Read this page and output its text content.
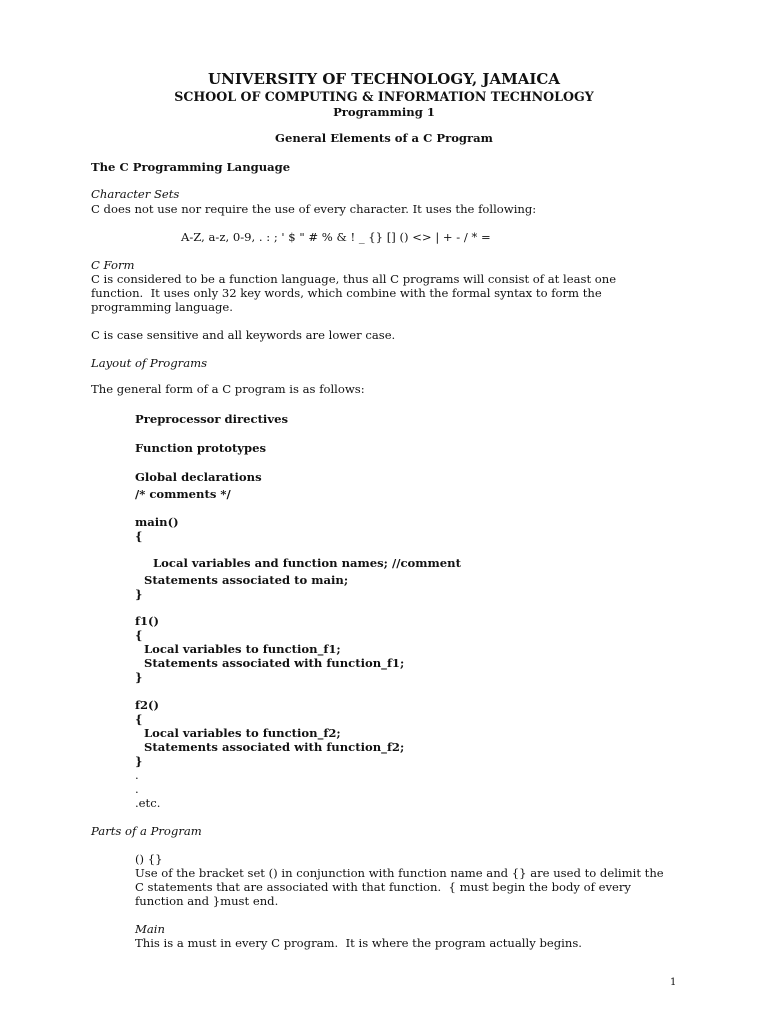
UNIVERSITY OF TECHNOLOGY, JAMAICA
SCHOOL OF COMPUTING & INFORMATION TECHNOLOGY
Programming 1
General Elements of a C Program
The C Programming Language
Character Sets
C does not use nor require the use of every character. It uses the following:
A-Z, a-z, 0-9, . : ; ' $ " # % & ! _ {} [] () <> | + - / * =
C Form
C is considered to be a function language, thus all C programs will consist of at least one
function.  It uses only 32 key words, which combine with the formal syntax to form the
programming language.
C is case sensitive and all keywords are lower case.
Layout of Programs
The general form of a C program is as follows:
Preprocessor directives
Function prototypes
Global declarations
/* comments */
main()
{
Local variables and function names; //comment
Statements associated to main;
}
f1()
{
Local variables to function_f1;
Statements associated with function_f1;
}
f2()
{
Local variables to function_f2;
Statements associated with function_f2;
}
.
.
.etc.
Parts of a Program
() {}
Use of the bracket set () in conjunction with function name and {} are used to delimit the
C statements that are associated with that function.  { must begin the body of every
function and }must end.
Main
This is a must in every C program.  It is where the program actually begins.
1
